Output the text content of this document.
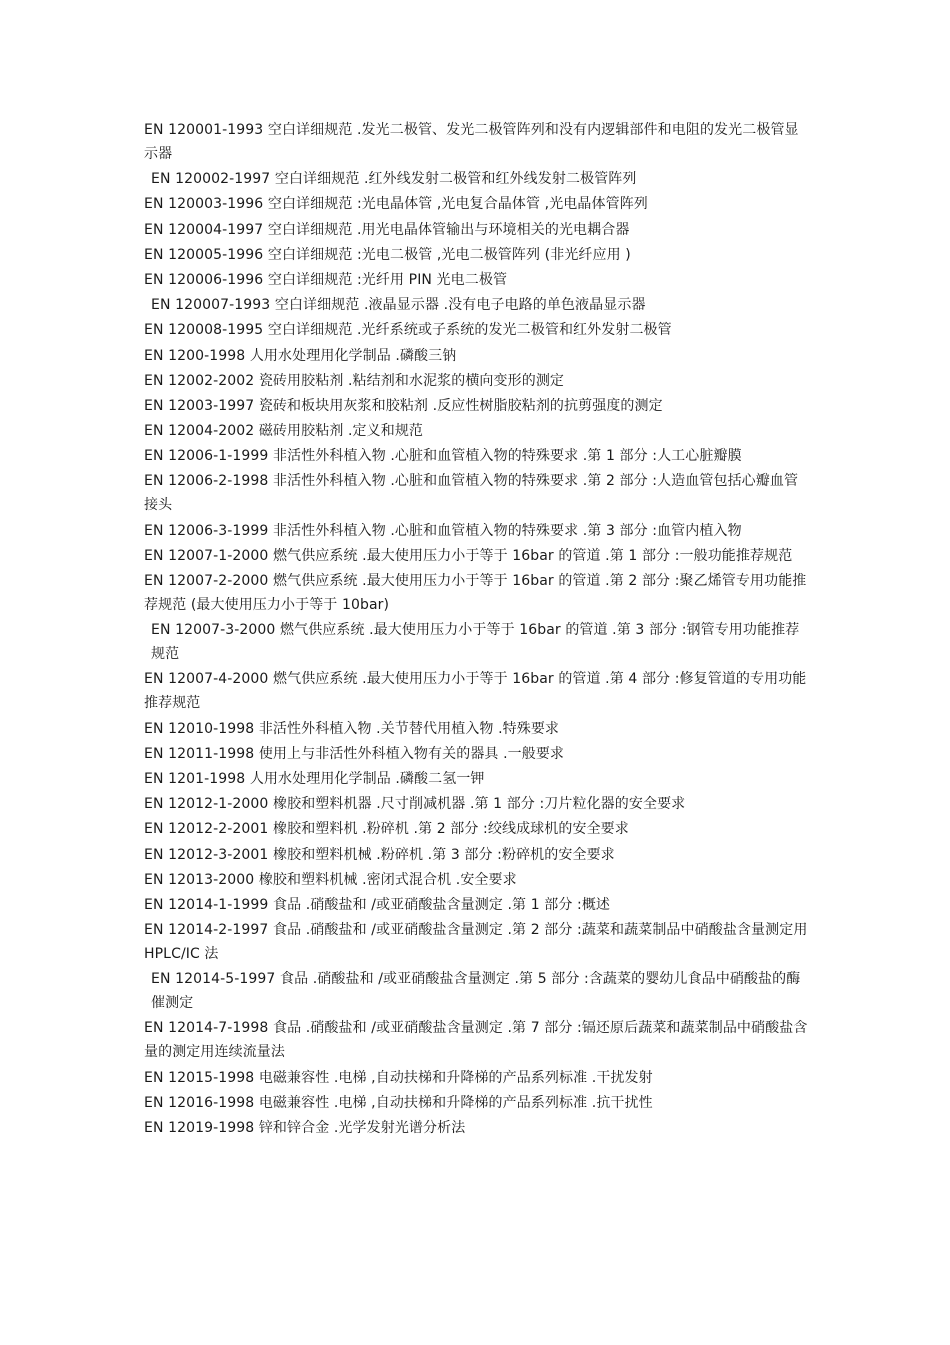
EN 120001-1993 空白详细规范 .发光二极管、发光二极管阵列和没有内逻辑部件和电阻的发光二极管显示器
EN 120002-1997 空白详细规范 .红外线发射二极管和红外线发射二极管阵列
EN 120003-1996 空白详细规范 :光电晶体管 ,光电复合晶体管 ,光电晶体管阵列
EN 120004-1997 空白详细规范 .用光电晶体管输出与环境相关的光电耦合器
EN 120005-1996 空白详细规范 :光电二极管 ,光电二极管阵列 (非光纤应用 )
EN 120006-1996 空白详细规范 :光纤用 PIN 光电二极管
EN 120007-1993 空白详细规范 .液晶显示器 .没有电子电路的单色液晶显示器
EN 120008-1995 空白详细规范 .光纤系统或子系统的发光二极管和红外发射二极管
EN 1200-1998 人用水处理用化学制品 .磷酸三钠
EN 12002-2002 瓷砖用胶粘剂 .粘结剂和水泥浆的横向变形的测定
EN 12003-1997 瓷砖和板块用灰浆和胶粘剂 .反应性树脂胶粘剂的抗剪强度的测定
EN 12004-2002 磁砖用胶粘剂 .定义和规范
EN 12006-1-1999 非活性外科植入物 .心脏和血管植入物的特殊要求 .第 1 部分 :人工心脏瓣膜
EN 12006-2-1998 非活性外科植入物 .心脏和血管植入物的特殊要求 .第 2 部分 :人造血管包括心瓣血管接头
EN 12006-3-1999 非活性外科植入物 .心脏和血管植入物的特殊要求 .第 3 部分 :血管内植入物
EN 12007-1-2000 燃气供应系统 .最大使用压力小于等于 16bar 的管道 .第 1 部分 :一般功能推荐规范
EN 12007-2-2000 燃气供应系统 .最大使用压力小于等于 16bar 的管道 .第 2 部分 :聚乙烯管专用功能推荐规范 (最大使用压力小于等于 10bar)
EN 12007-3-2000 燃气供应系统 .最大使用压力小于等于 16bar 的管道 .第 3 部分 :钢管专用功能推荐规范
EN 12007-4-2000 燃气供应系统 .最大使用压力小于等于 16bar 的管道 .第 4 部分 :修复管道的专用功能推荐规范
EN 12010-1998 非活性外科植入物 .关节替代用植入物 .特殊要求
EN 12011-1998 使用上与非活性外科植入物有关的器具 .一般要求
EN 1201-1998 人用水处理用化学制品 .磷酸二氢一钾
EN 12012-1-2000 橡胶和塑料机器 .尺寸削减机器 .第 1 部分 :刀片粒化器的安全要求
EN 12012-2-2001 橡胶和塑料机 .粉碎机 .第 2 部分 :绞线成球机的安全要求
EN 12012-3-2001 橡胶和塑料机械 .粉碎机 .第 3 部分 :粉碎机的安全要求
EN 12013-2000 橡胶和塑料机械 .密闭式混合机 .安全要求
EN 12014-1-1999 食品 .硝酸盐和 /或亚硝酸盐含量测定 .第 1 部分 :概述
EN 12014-2-1997 食品 .硝酸盐和 /或亚硝酸盐含量测定 .第 2 部分 :蔬菜和蔬菜制品中硝酸盐含量测定用 HPLC/IC 法
EN 12014-5-1997 食品 .硝酸盐和 /或亚硝酸盐含量测定 .第 5 部分 :含蔬菜的婴幼儿食品中硝酸盐的酶催测定
EN 12014-7-1998 食品 .硝酸盐和 /或亚硝酸盐含量测定 .第 7 部分 :镉还原后蔬菜和蔬菜制品中硝酸盐含量的测定用连续流量法
EN 12015-1998 电磁兼容性 .电梯 ,自动扶梯和升降梯的产品系列标准 .干扰发射
EN 12016-1998 电磁兼容性 .电梯 ,自动扶梯和升降梯的产品系列标准 .抗干扰性
EN 12019-1998 锌和锌合金 .光学发射光谱分析法
